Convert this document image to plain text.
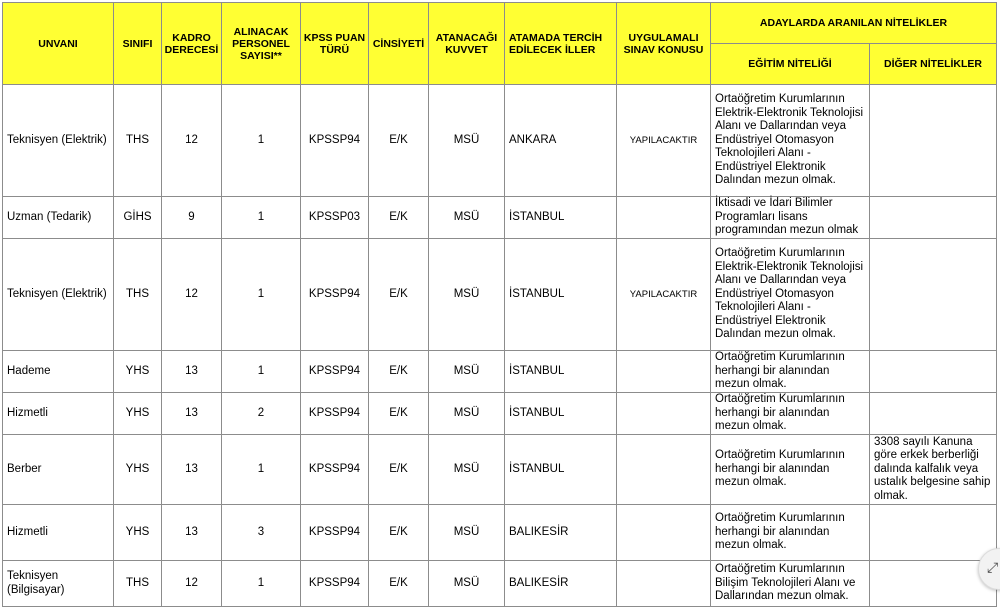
UNVANI	SINIFI	KADRO DERECESİ	ALINACAK PERSONEL SAYISI**	KPSS PUAN TÜRÜ	CİNSİYETİ	ATANACAĞI KUVVET	ATAMADA TERCİH EDİLECEK İLLER	UYGULAMALI SINAV KONUSU	ADAYLARDA ARANILAN NİTELİKLER	
									EĞİTİM NİTELİĞİ	DİĞER NİTELİKLER
Teknisyen (Elektrik)	THS	12	1	KPSSP94	E/K	MSÜ	ANKARA	YAPILACAKTIR	Ortaöğretim Kurumlarının Elektrik-Elektronik Teknolojisi Alanı ve Dallarından veya Endüstriyel Otomasyon Teknolojileri Alanı - Endüstriyel Elektronik Dalından mezun olmak.	
Uzman (Tedarik)	GİHS	9	1	KPSSP03	E/K	MSÜ	İSTANBUL		İktisadi ve İdari Bilimler Programları lisans programından mezun olmak	
Teknisyen (Elektrik)	THS	12	1	KPSSP94	E/K	MSÜ	İSTANBUL	YAPILACAKTIR	Ortaöğretim Kurumlarının Elektrik-Elektronik Teknolojisi Alanı ve Dallarından veya Endüstriyel Otomasyon Teknolojileri Alanı - Endüstriyel Elektronik Dalından mezun olmak.	
Hademe	YHS	13	1	KPSSP94	E/K	MSÜ	İSTANBUL		Ortaöğretim Kurumlarının herhangi bir alanından mezun olmak.	
Hizmetli	YHS	13	2	KPSSP94	E/K	MSÜ	İSTANBUL		Ortaöğretim Kurumlarının herhangi bir alanından mezun olmak.	
Berber	YHS	13	1	KPSSP94	E/K	MSÜ	İSTANBUL		Ortaöğretim Kurumlarının herhangi bir alanından mezun olmak.	3308 sayılı Kanuna göre erkek berberliği dalında kalfalık veya ustalık belgesine sahip olmak.
Hizmetli	YHS	13	3	KPSSP94	E/K	MSÜ	BALIKESİR		Ortaöğretim Kurumlarının herhangi bir alanından mezun olmak.	
Teknisyen (Bilgisayar)	THS	12	1	KPSSP94	E/K	MSÜ	BALIKESİR		Ortaöğretim Kurumlarının Bilişim Teknolojileri Alanı ve Dallarından mezun olmak.	
⤢
